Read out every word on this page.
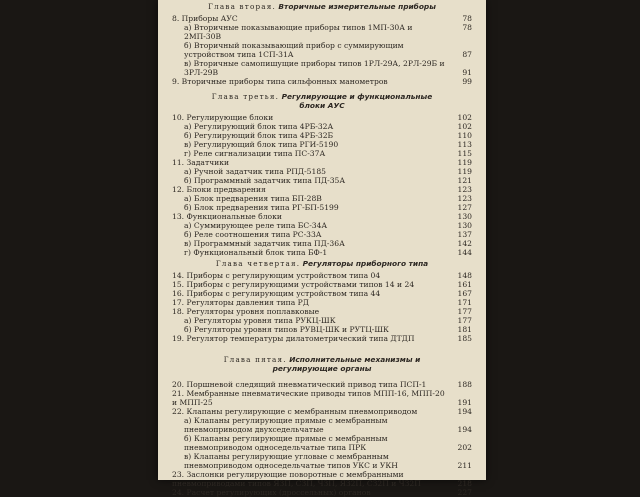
Глава вторая. Вторичные измерительные приборы
8. Приборы АУС	78
а) Вторичные показывающие приборы типов 1МП-30А и 2МП-30В
78
б) Вторичный показывающий прибор с суммирующим устройством типа 1СП-31А	87
в) Вторичные самопишущие приборы типов 1РЛ-29А, 2РЛ-29Б и 3РЛ-29В	91
9. Вторичные приборы типа сильфонных манометров	99
Глава третья. Регулирующие и функциональные
блоки АУС
10. Регулирующие блоки	102
а) Регулирующий блок типа 4РБ-32А	102
б) Регулирующий блок типа 4РБ-32Б	110
в) Регулирующий блок типа РГИ-5190	113
г) Реле сигнализации типа ПС-37А	115
11. Задатчики	119
а) Ручной задатчик типа РПД-5185	119
б) Программный задатчик типа ПД-35А	121
12. Блоки предварения	123
а) Блок предварения типа БП-28В	123
б) Блок предварения типа РГ-БП-5199	127
13. Функциональные блоки	130
а) Суммирующее реле типа БС-34А	130
б) Реле соотношения типа РС-33А	137
в) Программный задатчик типа ПД-36А	142
г) Функциональный блок типа БФ-1	144
Глава четвертая. Регуляторы приборного типа
14. Приборы с регулирующим устройством типа 04	148
15. Приборы с регулирующими устройствами типов 14 и 24	161
16. Приборы с регулирующим устройством типа 44	167
17. Регуляторы давления типа РД	171
18. Регуляторы уровня поплавковые	177
а) Регуляторы уровня типа РУКЦ-ШК	177
б) Регуляторы уровня типов РУВЦ-ШК и РУТЦ-ШК	181
19. Регулятор температуры дилатометрический типа ДТДП	185
Глава пятая. Исполнительные механизмы и
регулирующие органы
20. Поршневой следящий пневматический привод типа ПСП-1	188
21. Мембранные пневматические приводы типов МПП-16, МПП-20 и МПП-25	191
22. Клапаны регулирующие с мембранным пневмоприводом	194
а) Клапаны регулирующие прямые с мембранным пневмоприводом двухседельчатые	194
б) Клапаны регулирующие прямые с мембранным пневмоприводом односедельчатые типа ПРК	202
в) Клапаны регулирующие угловые с мембранным пневмоприводом односедельчатые типов УКС и УКН	211
23. Заслонки регулирующие поворотные с мембранными пневмоприводами типов ЯЗП, СЗП, ЧЗП, ЯЗ2П, СЗ2П и ЧЗ2П	218
24. Расчет регулирующих (дроссельных) органов	227
